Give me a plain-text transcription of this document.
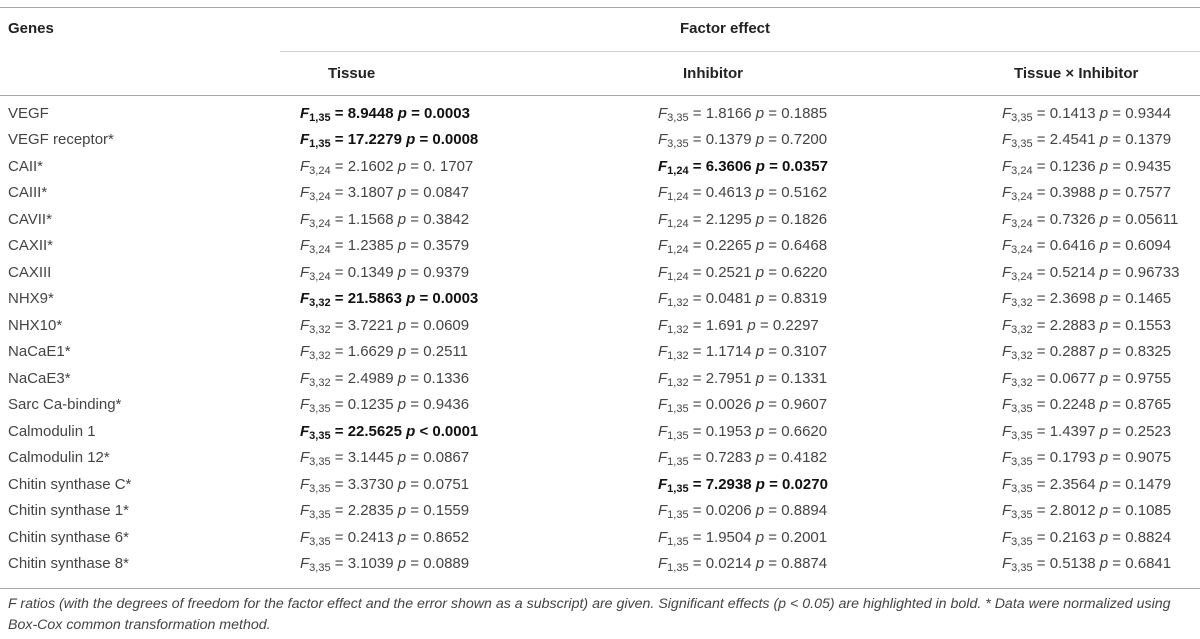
Genes	Factor effect
Tissue	Inhibitor	Tissue × Inhibitor
VEGF	$F_{1,35} = 8.9448$ p = 0.0003	$F_{3,35} = 1.8166$ p = 0.1885	$F_{3,35} = 0.1413$ p = 0.9344
VEGF receptor*	$F_{1,35} = 17.2279$ p = 0.0008	$F_{3,35} = 0.1379$ p = 0.7200	$F_{3,35} = 2.4541$ p = 0.1379
CAII*	$F_{3,24} = 2.1602$ p = 0. 1707	$F_{1,24} = 6.3606$ p = 0.0357	$F_{3,24} = 0.1236$ p = 0.9435
CAIII*	$F_{3,24} = 3.1807$ p = 0.0847	$F_{1,24} = 0.4613$ p = 0.5162	$F_{3,24} = 0.3988$ p = 0.7577
CAVII*	$F_{3,24} = 1.1568$ p = 0.3842	$F_{1,24} = 2.1295$ p = 0.1826	$F_{3,24} = 0.7326$ p = 0.05611
CAXII*	$F_{3,24} = 1.2385$ p = 0.3579	$F_{1,24} = 0.2265$ p = 0.6468	$F_{3,24} = 0.6416$ p = 0.6094
CAXIII	$F_{3,24} = 0.1349$ p = 0.9379	$F_{1,24} = 0.2521$ p = 0.6220	$F_{3,24} = 0.5214$ p = 0.96733
NHX9*	$F_{3,32} = 21.5863$ p = 0.0003	$F_{1,32} = 0.0481$ p = 0.8319	$F_{3,32} = 2.3698$ p = 0.1465
NHX10*	$F_{3,32} = 3.7221$ p = 0.0609	$F_{1,32} = 1.691$ p = 0.2297	$F_{3,32} = 2.2883$ p = 0.1553
NaCaE1*	$F_{3,32} = 1.6629$ p = 0.2511	$F_{1,32} = 1.1714$ p = 0.3107	$F_{3,32} = 0.2887$ p = 0.8325
NaCaE3*	$F_{3,32} = 2.4989$ p = 0.1336	$F_{1,32} = 2.7951$ p = 0.1331	$F_{3,32} = 0.0677$ p = 0.9755
Sarc Ca-binding*	$F_{3,35} = 0.1235$ p = 0.9436	$F_{1,35} = 0.0026$ p = 0.9607	$F_{3,35} = 0.2248$ p = 0.8765
Calmodulin 1	$F_{3,35} = 22.5625$ p < 0.0001	$F_{1,35} = 0.1953$ p = 0.6620	$F_{3,35} = 1.4397$ p = 0.2523
Calmodulin 12*	$F_{3,35} = 3.1445$ p = 0.0867	$F_{1,35} = 0.7283$ p = 0.4182	$F_{3,35} = 0.1793$ p = 0.9075
Chitin synthase C*	$F_{3,35} = 3.3730$ p = 0.0751	$F_{1,35} = 7.2938$ p = 0.0270	$F_{3,35} = 2.3564$ p = 0.1479
Chitin synthase 1*	$F_{3,35} = 2.2835$ p = 0.1559	$F_{1,35} = 0.0206$ p = 0.8894	$F_{3,35} = 2.8012$ p = 0.1085
Chitin synthase 6*	$F_{3,35} = 0.2413$ p = 0.8652	$F_{1,35} = 1.9504$ p = 0.2001	$F_{3,35} = 0.2163$ p = 0.8824
Chitin synthase 8*	$F_{3,35} = 3.1039$ p = 0.0889	$F_{1,35} = 0.0214$ p = 0.8874	$F_{3,35} = 0.5138$ p = 0.6841
F ratios (with the degrees of freedom for the factor effect and the error shown as a subscript) are given. Significant effects (p < 0.05) are highlighted in bold. * Data were normalized using Box-Cox common transformation method.
